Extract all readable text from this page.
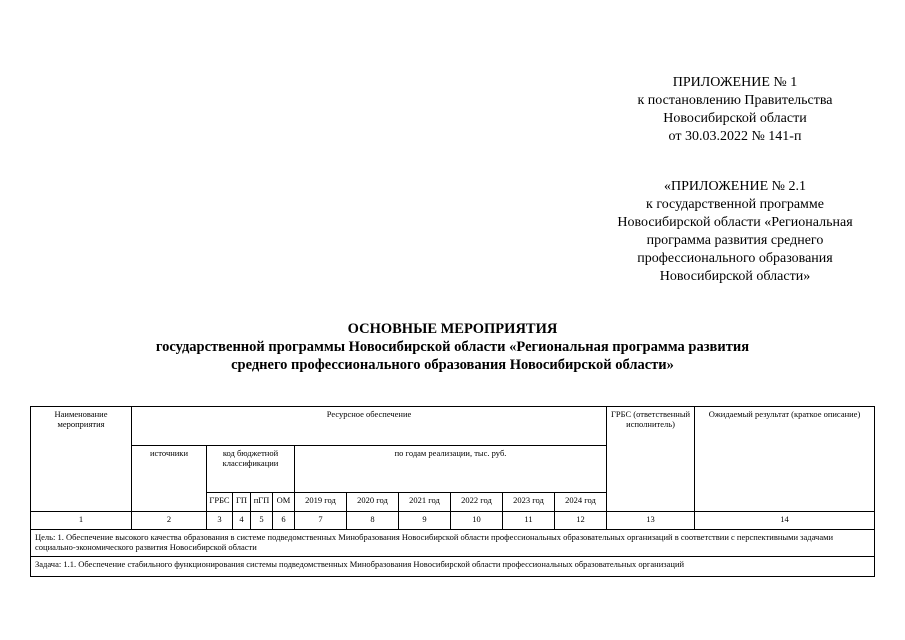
ПРИЛОЖЕНИЕ № 1
к постановлению Правительства
Новосибирской области
от 30.03.2022 № 141-п
«ПРИЛОЖЕНИЕ № 2.1
к государственной программе
Новосибирской области «Региональная
программа развития среднего
профессионального образования
Новосибирской области»
ОСНОВНЫЕ МЕРОПРИЯТИЯ
государственной программы Новосибирской области «Региональная программа развития
среднего профессионального образования Новосибирской области»
Наименование мероприятия	Ресурсное обеспечение											ГРБС (ответственный исполнитель)	Ожидаемый результат (краткое описание)
	источники	код бюджетной классификации				по годам реализации, тыс. руб.							
		ГРБС	ГП	пГП	ОМ	2019 год	2020 год	2021 год	2022 год	2023 год	2024 год		
1	2	3	4	5	6	7	8	9	10	11	12	13	14
Цель: 1. Обеспечение высокого качества образования в системе подведомственных Минобразования Новосибирской области профессиональных образовательных организаций в соответствии с перспективными задачами социально-экономического развития Новосибирской области													
Задача: 1.1. Обеспечение стабильного функционирования системы подведомственных Минобразования Новосибирской области профессиональных образовательных организаций													
